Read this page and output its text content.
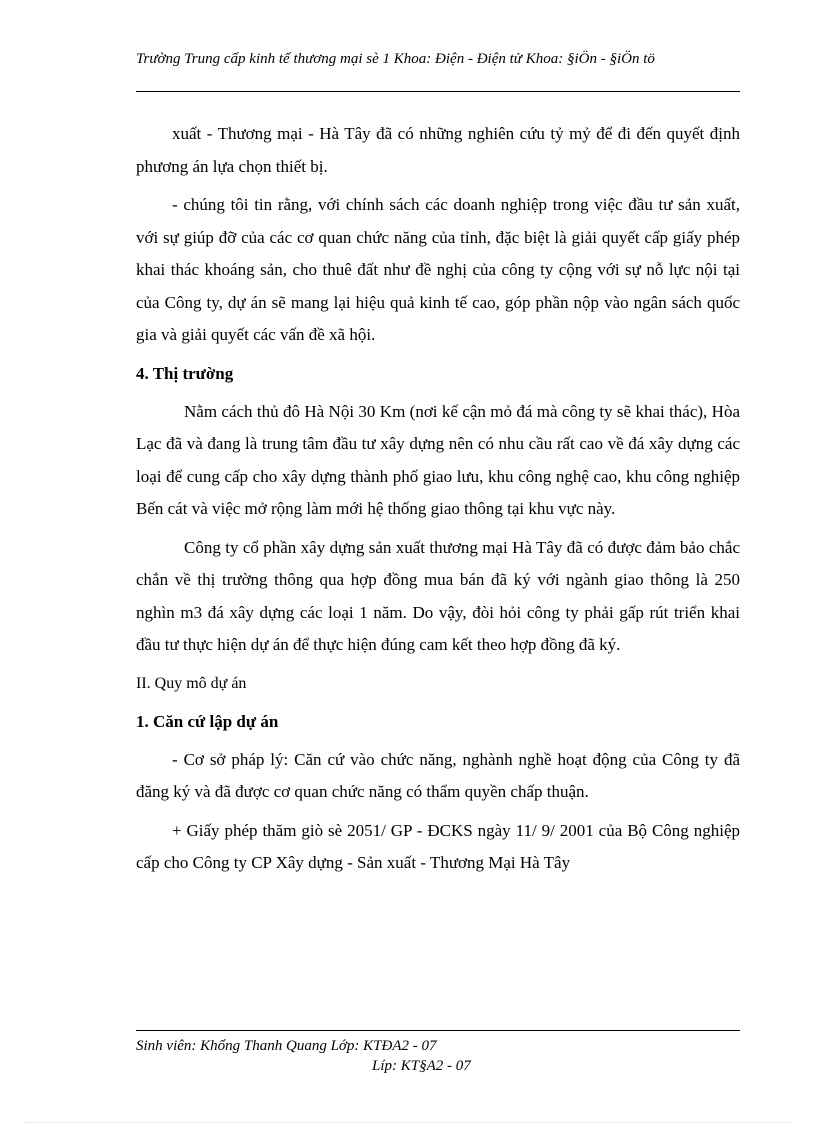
Trường Trung cấp kinh tế thương mại sè 1 Khoa: Điện - Điện tử Khoa: §iÖn - §iÖn tö

xuất - Thương mại - Hà Tây đã có những nghiên cứu tỷ mỷ để đi đến quyết định phương án lựa chọn thiết bị.

- chúng tôi tin rằng, với chính sách các doanh nghiệp trong việc đầu tư sản xuất, với sự giúp đỡ của các cơ quan chức năng của tỉnh, đặc biệt là giải quyết cấp giấy phép khai thác khoáng sản, cho thuê đất như đề nghị của công ty cộng với sự nỗ lực nội tại của Công ty, dự án sẽ mang lại hiệu quả kinh tế cao, góp phần nộp vào ngân sách quốc gia và giải quyết các vấn đề xã hội.

4. Thị trường

Nằm cách thủ đô Hà Nội 30 Km (nơi kế cận mỏ đá mà công ty sẽ khai thác), Hòa Lạc đã và đang là trung tâm đầu tư xây dựng nên có nhu cầu rất cao về đá xây dựng các loại để cung cấp cho xây dựng thành phố giao lưu, khu công nghệ cao, khu công nghiệp Bến cát và việc mở rộng làm mới hệ thống giao thông tại khu vực này.

Công ty cổ phần xây dựng sản xuất thương mại Hà Tây đã có được đảm bảo chắc chắn về thị trường thông qua hợp đồng mua bán đã ký với ngành giao thông là 250 nghìn m3 đá xây dựng các loại 1 năm. Do vậy, đòi hỏi công ty phải gấp rút triển khai đầu tư thực hiện dự án để thực hiện đúng cam kết theo hợp đồng đã ký.

II. Quy mô dự án

1. Căn cứ lập dự án

- Cơ sở pháp lý: Căn cứ vào chức năng, nghành nghề hoạt động của Công ty đã đăng ký và đã được cơ quan chức năng có thẩm quyền chấp thuận.

+ Giấy phép thăm giò sè 2051/ GP - ĐCKS ngày 11/ 9/ 2001 của Bộ Công nghiệp cấp cho Công ty CP Xây dựng - Sản xuất - Thương Mại Hà Tây

Sinh viên: Khổng Thanh Quang Lớp: KTĐA2 - 07
Líp: KT§A2 - 07
